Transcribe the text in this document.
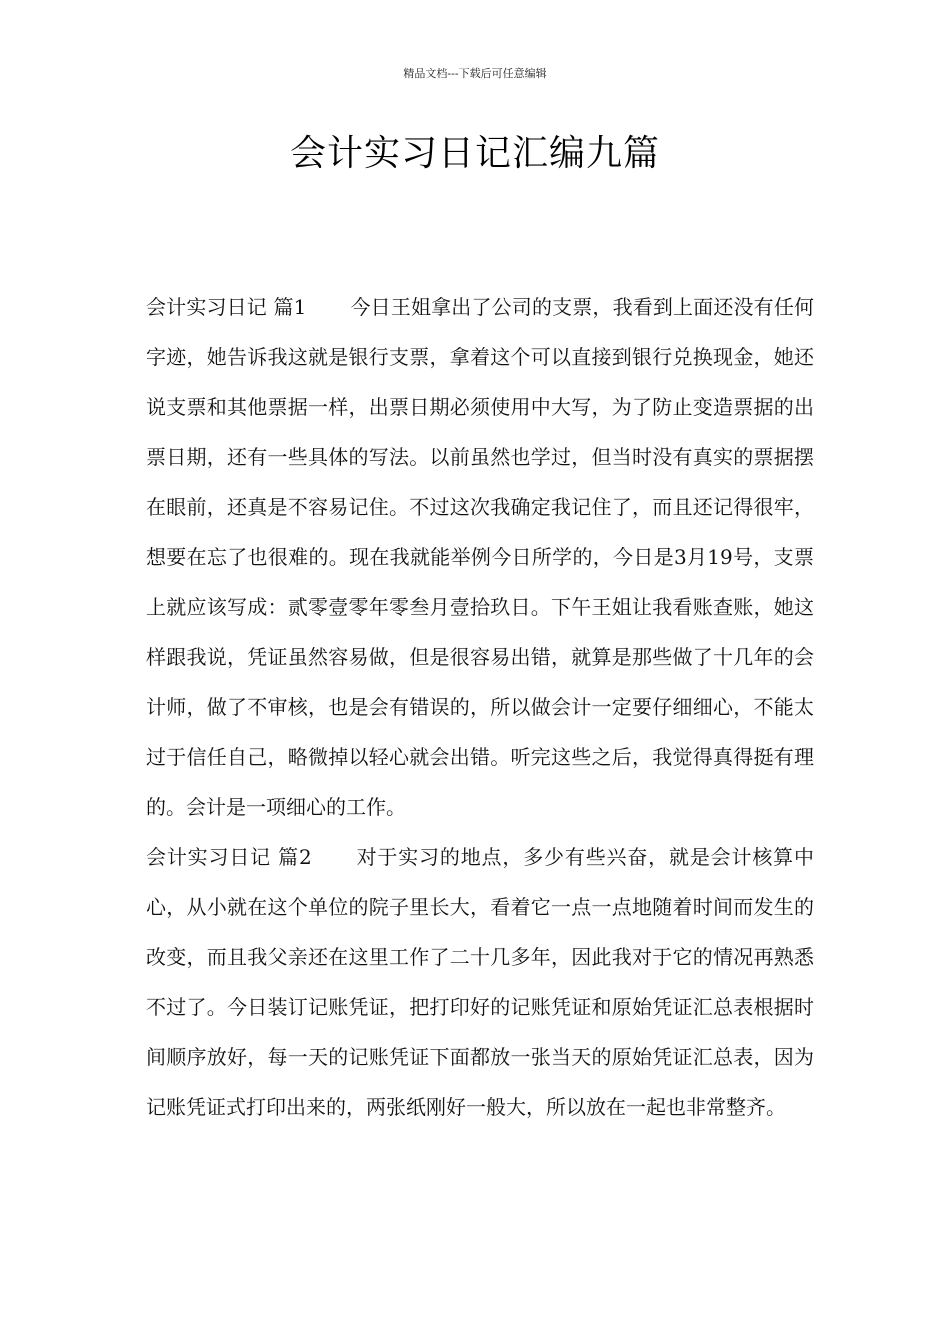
精品文档---下载后可任意编辑
会计实习日记汇编九篇

会计实习日记 篇1 今日王姐拿出了公司的支票，我看到上面还没有任何字迹，她告诉我这就是银行支票，拿着这个可以直接到银行兑换现金，她还说支票和其他票据一样，出票日期必须使用中大写，为了防止变造票据的出票日期，还有一些具体的写法。以前虽然也学过，但当时没有真实的票据摆在眼前，还真是不容易记住。不过这次我确定我记住了，而且还记得很牢，想要在忘了也很难的。现在我就能举例今日所学的，今日是3月19号，支票上就应该写成：贰零壹零年零叁月壹拾玖日。下午王姐让我看账查账，她这样跟我说，凭证虽然容易做，但是很容易出错，就算是那些做了十几年的会计师，做了不审核，也是会有错误的，所以做会计一定要仔细细心，不能太过于信任自己，略微掉以轻心就会出错。听完这些之后，我觉得真得挺有理的。会计是一项细心的工作。

会计实习日记 篇2 对于实习的地点，多少有些兴奋，就是会计核算中心，从小就在这个单位的院子里长大，看着它一点一点地随着时间而发生的改变，而且我父亲还在这里工作了二十几多年，因此我对于它的情况再熟悉不过了。今日装订记账凭证，把打印好的记账凭证和原始凭证汇总表根据时间顺序放好，每一天的记账凭证下面都放一张当天的原始凭证汇总表，因为记账凭证式打印出来的，两张纸刚好一般大，所以放在一起也非常整齐。
